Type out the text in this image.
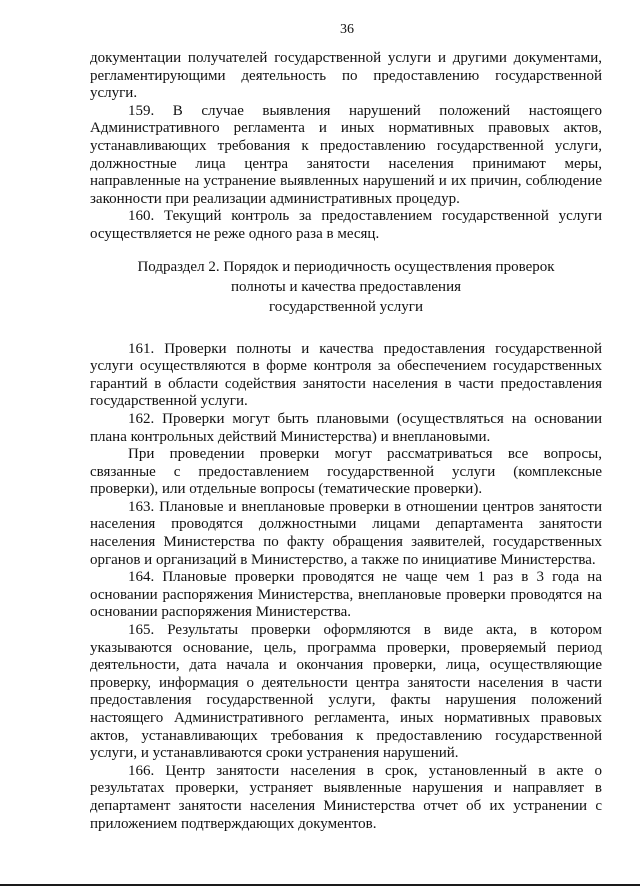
36

документации получателей государственной услуги и другими документами, регламентирующими деятельность по предоставлению государственной услуги.

159. В случае выявления нарушений положений настоящего Административного регламента и иных нормативных правовых актов, устанавливающих требования к предоставлению государственной услуги, должностные лица центра занятости населения принимают меры, направленные на устранение выявленных нарушений и их причин, соблюдение законности при реализации административных процедур.

160. Текущий контроль за предоставлением государственной услуги осуществляется не реже одного раза в месяц.

Подраздел 2. Порядок и периодичность осуществления проверок
полноты и качества предоставления
государственной услуги

161. Проверки полноты и качества предоставления государственной услуги осуществляются в форме контроля за обеспечением государственных гарантий в области содействия занятости населения в части предоставления государственной услуги.

162. Проверки могут быть плановыми (осуществляться на основании плана контрольных действий Министерства) и внеплановыми.

При проведении проверки могут рассматриваться все вопросы, связанные с предоставлением государственной услуги (комплексные проверки), или отдельные вопросы (тематические проверки).

163. Плановые и внеплановые проверки в отношении центров занятости населения проводятся должностными лицами департамента занятости населения Министерства по факту обращения заявителей, государственных органов и организаций в Министерство, а также по инициативе Министерства.

164. Плановые проверки проводятся не чаще чем 1 раз в 3 года на основании распоряжения Министерства, внеплановые проверки проводятся на основании распоряжения Министерства.

165. Результаты проверки оформляются в виде акта, в котором указываются основание, цель, программа проверки, проверяемый период деятельности, дата начала и окончания проверки, лица, осуществляющие проверку, информация о деятельности центра занятости населения в части предоставления государственной услуги, факты нарушения положений настоящего Административного регламента, иных нормативных правовых актов, устанавливающих требования к предоставлению государственной услуги, и устанавливаются сроки устранения нарушений.

166. Центр занятости населения в срок, установленный в акте о результатах проверки, устраняет выявленные нарушения и направляет в департамент занятости населения Министерства отчет об их устранении с приложением подтверждающих документов.
